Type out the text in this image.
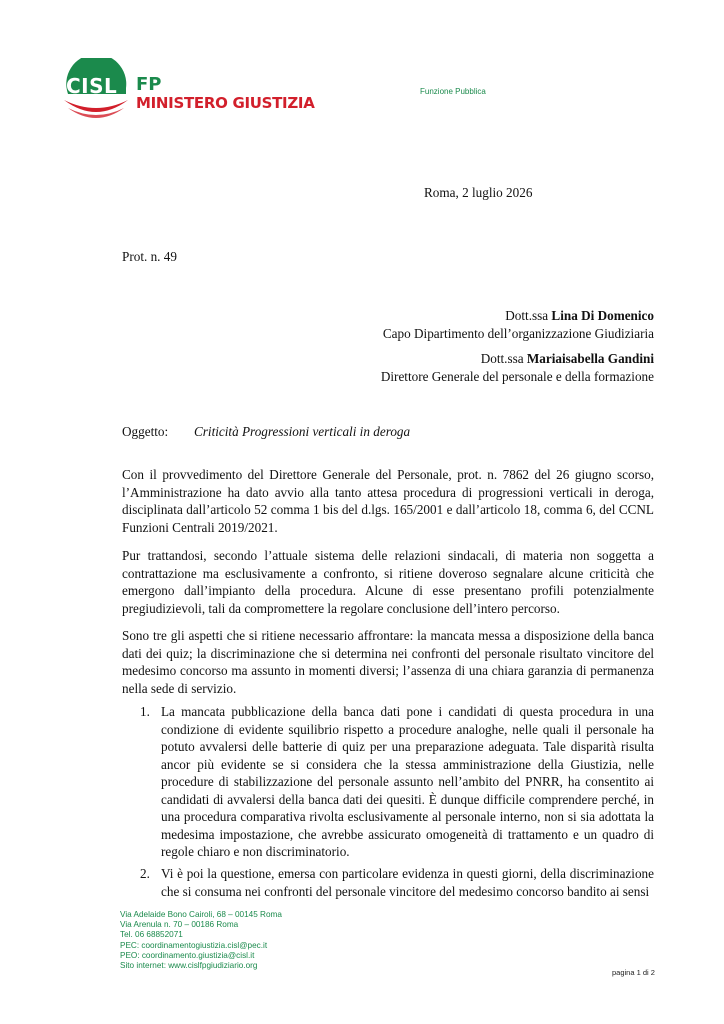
CISL FP
MINISTERO GIUSTIZIA
Funzione Pubblica
Roma, 2 luglio 2026
Prot. n. 49
Dott.ssa Lina Di Domenico
Capo Dipartimento dell’organizzazione Giudiziaria
Dott.ssa Mariaisabella Gandini
Direttore Generale del personale e della formazione
Oggetto: Criticità Progressioni verticali in deroga

Con il provvedimento del Direttore Generale del Personale, prot. n. 7862 del 26 giugno scorso, l’Amministrazione ha dato avvio alla tanto attesa procedura di progressioni verticali in deroga, disciplinata dall’articolo 52 comma 1 bis del d.lgs. 165/2001 e dall’articolo 18, comma 6, del CCNL Funzioni Centrali 2019/2021.

Pur trattandosi, secondo l’attuale sistema delle relazioni sindacali, di materia non soggetta a contrattazione ma esclusivamente a confronto, si ritiene doveroso segnalare alcune criticità che emergono dall’impianto della procedura. Alcune di esse presentano profili potenzialmente pregiudizievoli, tali da compromettere la regolare conclusione dell’intero percorso.

Sono tre gli aspetti che si ritiene necessario affrontare: la mancata messa a disposizione della banca dati dei quiz; la discriminazione che si determina nei confronti del personale risultato vincitore del medesimo concorso ma assunto in momenti diversi; l’assenza di una chiara garanzia di permanenza nella sede di servizio.

1. La mancata pubblicazione della banca dati pone i candidati di questa procedura in una condizione di evidente squilibrio rispetto a procedure analoghe, nelle quali il personale ha potuto avvalersi delle batterie di quiz per una preparazione adeguata. Tale disparità risulta ancor più evidente se si considera che la stessa amministrazione della Giustizia, nelle procedure di stabilizzazione del personale assunto nell’ambito del PNRR, ha consentito ai candidati di avvalersi della banca dati dei quesiti. È dunque difficile comprendere perché, in una procedura comparativa rivolta esclusivamente al personale interno, non si sia adottata la medesima impostazione, che avrebbe assicurato omogeneità di trattamento e un quadro di regole chiaro e non discriminatorio.

2. Vi è poi la questione, emersa con particolare evidenza in questi giorni, della discriminazione che si consuma nei confronti del personale vincitore del medesimo concorso bandito ai sensi

Via Adelaide Bono Cairoli, 68 – 00145 Roma
Via Arenula n. 70 – 00186 Roma
Tel. 06 68852071
PEC: coordinamentogiustizia.cisl@pec.it
PEO: coordinamento.giustizia@cisl.it
Sito internet: www.cislfpgiudiziario.org
pagina 1 di 2
